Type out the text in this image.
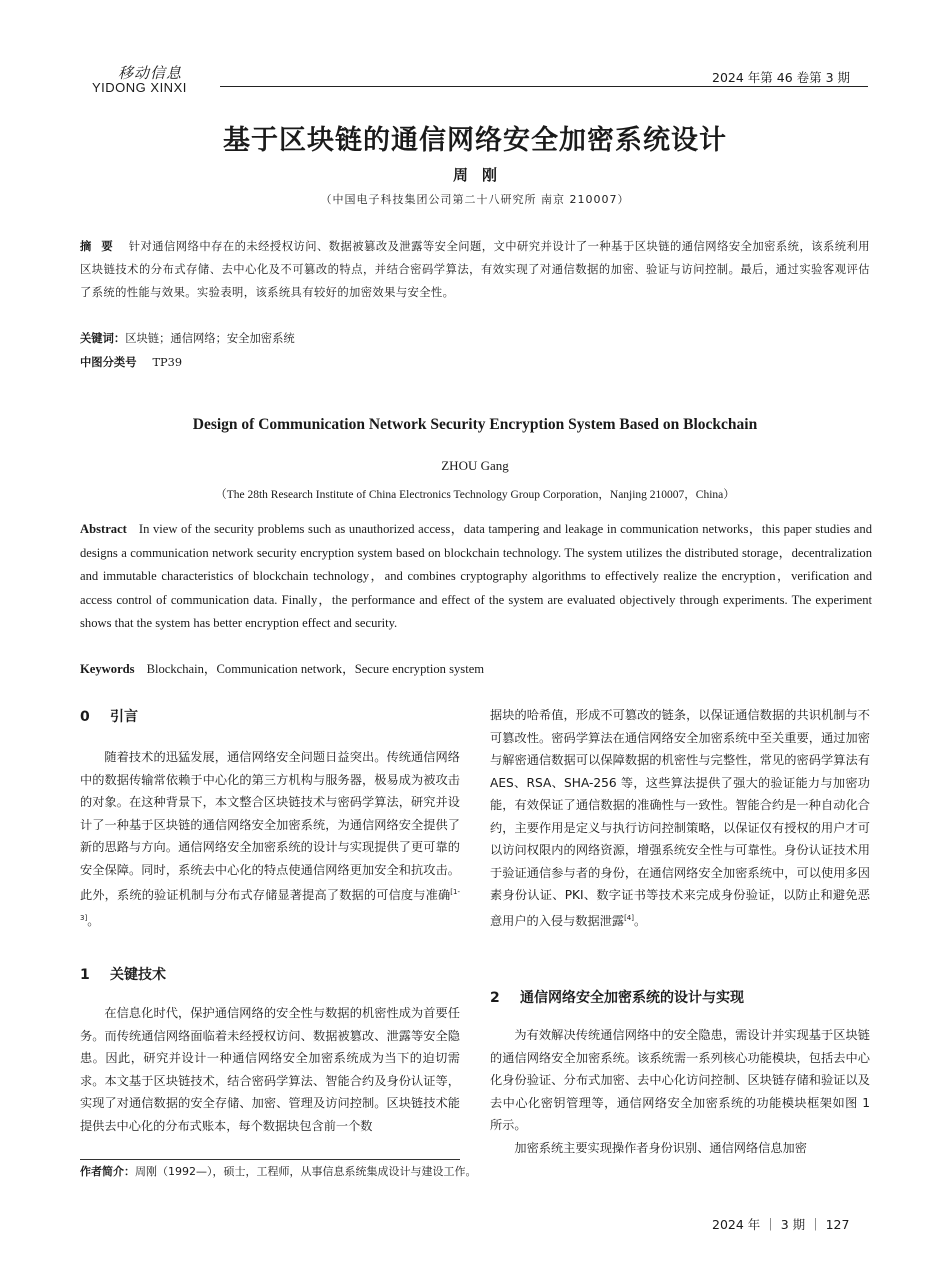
移动信息
YIDONG XINXI
2024 年第 46 卷第 3 期
基于区块链的通信网络安全加密系统设计
周刚
（中国电子科技集团公司第二十八研究所 南京 210007）
摘要 针对通信网络中存在的未经授权访问、数据被篡改及泄露等安全问题，文中研究并设计了一种基于区块链的通信网络安全加密系统，该系统利用区块链技术的分布式存储、去中心化及不可篡改的特点，并结合密码学算法，有效实现了对通信数据的加密、验证与访问控制。最后，通过实验客观评估了系统的性能与效果。实验表明，该系统具有较好的加密效果与安全性。
关键词：区块链；通信网络；安全加密系统
中图分类号 TP39
Design of Communication Network Security Encryption System Based on Blockchain
ZHOU Gang
（The 28th Research Institute of China Electronics Technology Group Corporation，Nanjing 210007，China）
Abstract In view of the security problems such as unauthorized access，data tampering and leakage in communication networks，this paper studies and designs a communication network security encryption system based on blockchain technology. The system utilizes the distributed storage，decentralization and immutable characteristics of blockchain technology，and combines cryptography algorithms to effectively realize the encryption，verification and access control of communication data. Finally，the performance and effect of the system are evaluated objectively through experiments. The experiment shows that the system has better encryption effect and security.
Keywords Blockchain，Communication network，Secure encryption system
0 引言

随着技术的迅猛发展，通信网络安全问题日益突出。传统通信网络中的数据传输常依赖于中心化的第三方机构与服务器，极易成为被攻击的对象。在这种背景下，本文整合区块链技术与密码学算法，研究并设计了一种基于区块链的通信网络安全加密系统，为通信网络安全提供了新的思路与方向。通信网络安全加密系统的设计与实现提供了更可靠的安全保障。同时，系统去中心化的特点使通信网络更加安全和抗攻击。此外，系统的验证机制与分布式存储显著提高了数据的可信度与准确[1-3]。

1 关键技术

在信息化时代，保护通信网络的安全性与数据的机密性成为首要任务。而传统通信网络面临着未经授权访问、数据被篡改、泄露等安全隐患。因此，研究并设计一种通信网络安全加密系统成为当下的迫切需求。本文基于区块链技术，结合密码学算法、智能合约及身份认证等，实现了对通信数据的安全存储、加密、管理及访问控制。区块链技术能提供去中心化的分布式账本，每个数据块包含前一个数

据块的哈希值，形成不可篡改的链条，以保证通信数据的共识机制与不可篡改性。密码学算法在通信网络安全加密系统中至关重要，通过加密与解密通信数据可以保障数据的机密性与完整性，常见的密码学算法有 AES、RSA、SHA-256 等，这些算法提供了强大的验证能力与加密功能，有效保证了通信数据的准确性与一致性。智能合约是一种自动化合约，主要作用是定义与执行访问控制策略，以保证仅有授权的用户才可以访问权限内的网络资源，增强系统安全性与可靠性。身份认证技术用于验证通信参与者的身份，在通信网络安全加密系统中，可以使用多因素身份认证、PKI、数字证书等技术来完成身份验证，以防止和避免恶意用户的入侵与数据泄露[4]。

2 通信网络安全加密系统的设计与实现

为有效解决传统通信网络中的安全隐患，需设计并实现基于区块链的通信网络安全加密系统。该系统需一系列核心功能模块，包括去中心化身份验证、分布式加密、去中心化访问控制、区块链存储和验证以及去中心化密钥管理等，通信网络安全加密系统的功能模块框架如图 1 所示。

加密系统主要实现操作者身份识别、通信网络信息加密

作者简介：周刚（1992—），硕士，工程师，从事信息系统集成设计与建设工作。
2024 年 ｜ 3 期 ｜ 127
